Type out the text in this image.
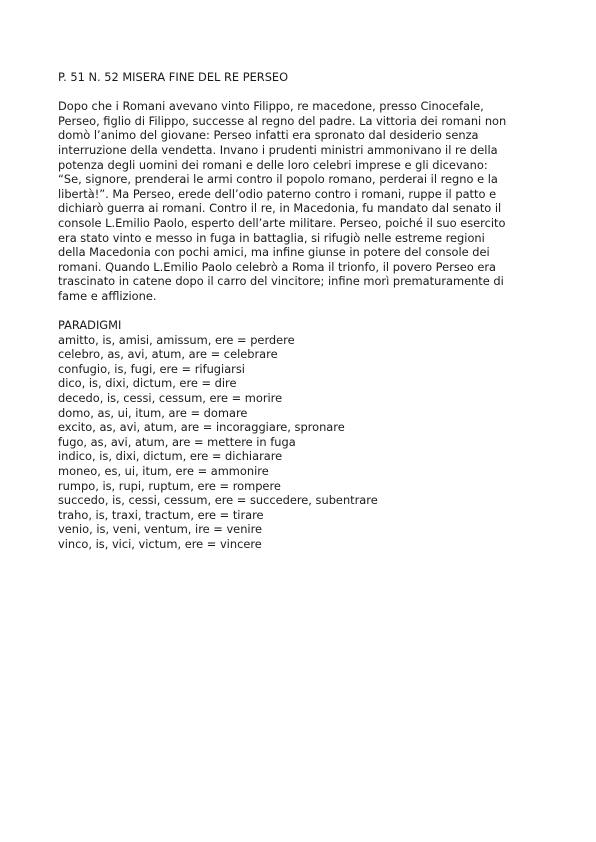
P. 51 N. 52 MISERA FINE DEL RE PERSEO

Dopo che i Romani avevano vinto Filippo, re macedone, presso Cinocefale,
Perseo, figlio di Filippo, successe al regno del padre. La vittoria dei romani non
domò l’animo del giovane: Perseo infatti era spronato dal desiderio senza
interruzione della vendetta. Invano i prudenti ministri ammonivano il re della
potenza degli uomini dei romani e delle loro celebri imprese e gli dicevano:
“Se, signore, prenderai le armi contro il popolo romano, perderai il regno e la
libertà!”. Ma Perseo, erede dell’odio paterno contro i romani, ruppe il patto e
dichiarò guerra ai romani. Contro il re, in Macedonia, fu mandato dal senato il
console L.Emilio Paolo, esperto dell’arte militare. Perseo, poiché il suo esercito
era stato vinto e messo in fuga in battaglia, si rifugiò nelle estreme regioni
della Macedonia con pochi amici, ma infine giunse in potere del console dei
romani. Quando L.Emilio Paolo celebrò a Roma il trionfo, il povero Perseo era
trascinato in catene dopo il carro del vincitore; infine morì prematuramente di
fame e afflizione.

PARADIGMI
amitto, is, amisi, amissum, ere = perdere
celebro, as, avi, atum, are = celebrare
confugio, is, fugi, ere = rifugiarsi
dico, is, dixi, dictum, ere = dire
decedo, is, cessi, cessum, ere = morire
domo, as, ui, itum, are = domare
excito, as, avi, atum, are = incoraggiare, spronare
fugo, as, avi, atum, are = mettere in fuga
indico, is, dixi, dictum, ere = dichiarare
moneo, es, ui, itum, ere = ammonire
rumpo, is, rupi, ruptum, ere = rompere
succedo, is, cessi, cessum, ere = succedere, subentrare
traho, is, traxi, tractum, ere = tirare
venio, is, veni, ventum, ire = venire
vinco, is, vici, victum, ere = vincere
